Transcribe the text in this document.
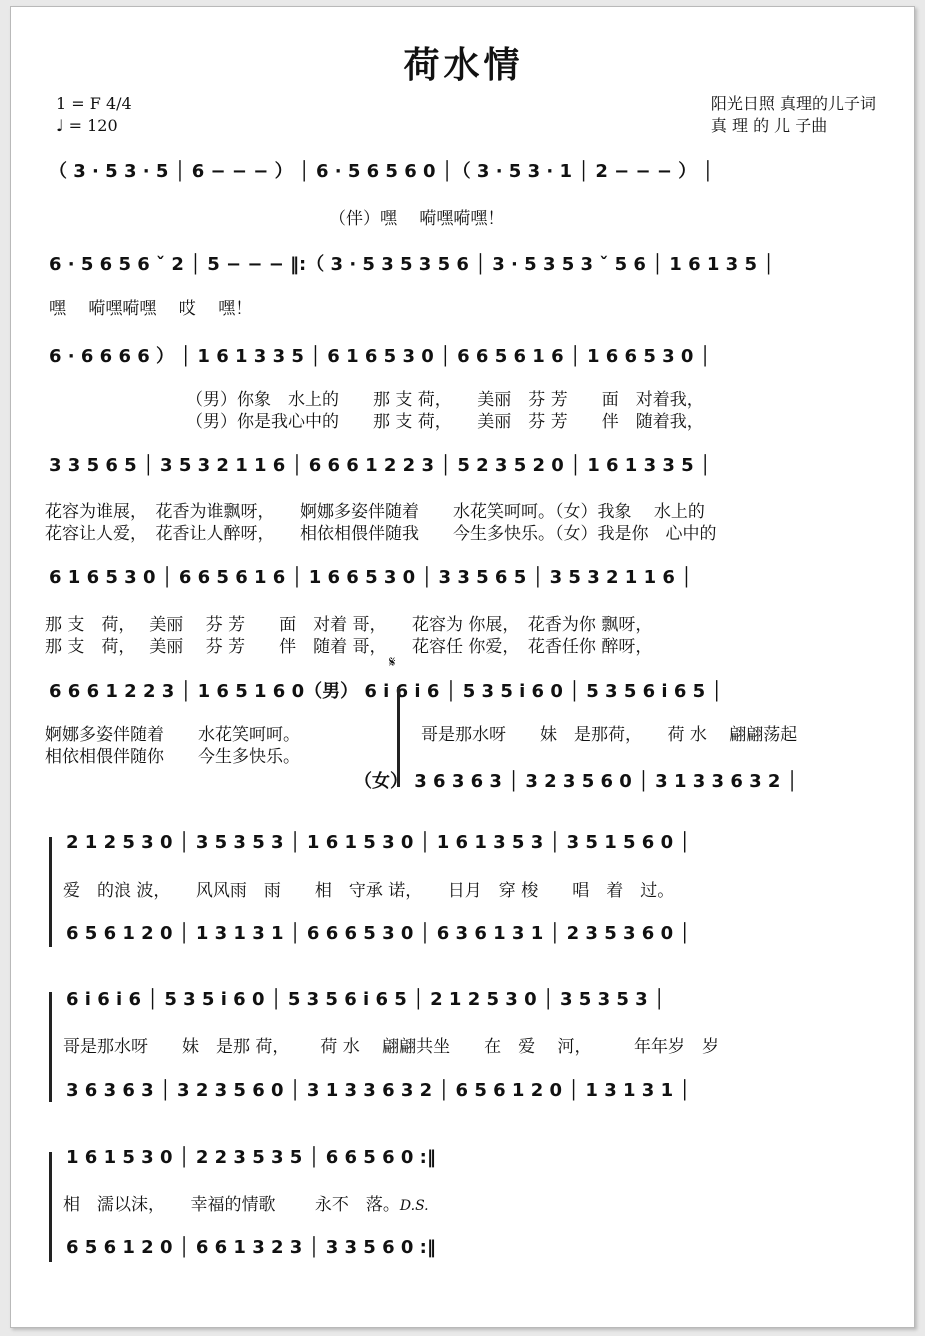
荷水情
1 = F 4/4
♩ = 120
阳光日照 真理的儿子词
真 理 的 儿 子曲
（ 3 · 5 3 · 5 │ 6 − − − ） │ 6 · 5 6 5 6 0 │（ 3 · 5 3 · 1 │ 2 − − − ） │
（伴）嘿　 嗬嘿嗬嘿！
6 · 5 6 5 6 ˇ 2 │ 5 − − − ‖:（ 3 · 5 3 5 3 5 6 │ 3 · 5 3 5 3 ˇ 5 6 │ 1 6 1 3 5 │
嘿　 嗬嘿嗬嘿　 哎　 嘿！
6 · 6 6 6 6 ） │ 1 6 1 3 3 5 │ 6 1 6 5 3 0 │ 6 6 5 6 1 6 │ 1 6 6 5 3 0 │
（男）你象　水上的　　那 支 荷，　　美丽　芬 芳　　面　对着我，
（男）你是我心中的　　那 支 荷，　　美丽　芬 芳　　伴　随着我，
3 3 5 6 5 │ 3 5 3 2 1 1 6 │ 6 6 6 1 2 2 3 │ 5 2 3 5 2 0 │ 1 6 1 3 3 5 │
花容为谁展，　花香为谁飘呀，　　婀娜多姿伴随着　　水花笑呵呵。（女）我象　 水上的
花容让人爱，　花香让人醉呀，　　相依相偎伴随我　　今生多快乐。（女）我是你　心中的
6 1 6 5 3 0 │ 6 6 5 6 1 6 │ 1 6 6 5 3 0 │ 3 3 5 6 5 │ 3 5 3 2 1 1 6 │
那 支　荷，　 美丽　 芬 芳　　面　对着 哥，　　花容为 你展，　花香为你 飘呀，
那 支　荷，　 美丽　 芬 芳　　伴　随着 哥，　　花容任 你爱，　花香任你 醉呀，
𝄋
6 6 6 1 2 2 3 │ 1 6 5 1 6 0（男） 6 i 6 i 6 │ 5 3 5 i 6 0 │ 5 3 5 6 i 6 5 │
婀娜多姿伴随着　　水花笑呵呵。
相依相偎伴随你　　今生多快乐。
哥是那水呀　　妹　是那荷，　　荷 水　 翩翩荡起
（女） 3 6 3 6 3 │ 3 2 3 5 6 0 │ 3 1 3 3 6 3 2 │
2 1 2 5 3 0 │ 3 5 3 5 3 │ 1 6 1 5 3 0 │ 1 6 1 3 5 3 │ 3 5 1 5 6 0 │
爱　的浪 波，　　风风雨　雨　　相　守承 诺，　　日月　穿 梭　　唱　着　过。
6 5 6 1 2 0 │ 1 3 1 3 1 │ 6 6 6 5 3 0 │ 6 3 6 1 3 1 │ 2 3 5 3 6 0 │
6 i 6 i 6 │ 5 3 5 i 6 0 │ 5 3 5 6 i 6 5 │ 2 1 2 5 3 0 │ 3 5 3 5 3 │
哥是那水呀　　妹　是那 荷，　　 荷 水　 翩翩共坐　　在　爱　 河，　　　年年岁　岁
3 6 3 6 3 │ 3 2 3 5 6 0 │ 3 1 3 3 6 3 2 │ 6 5 6 1 2 0 │ 1 3 1 3 1 │
1 6 1 5 3 0 │ 2 2 3 5 3 5 │ 6 6 5 6 0 :‖
相　濡以沫，　　幸福的情歌　　 永不　落。D.S.
6 5 6 1 2 0 │ 6 6 1 3 2 3 │ 3 3 5 6 0 :‖
